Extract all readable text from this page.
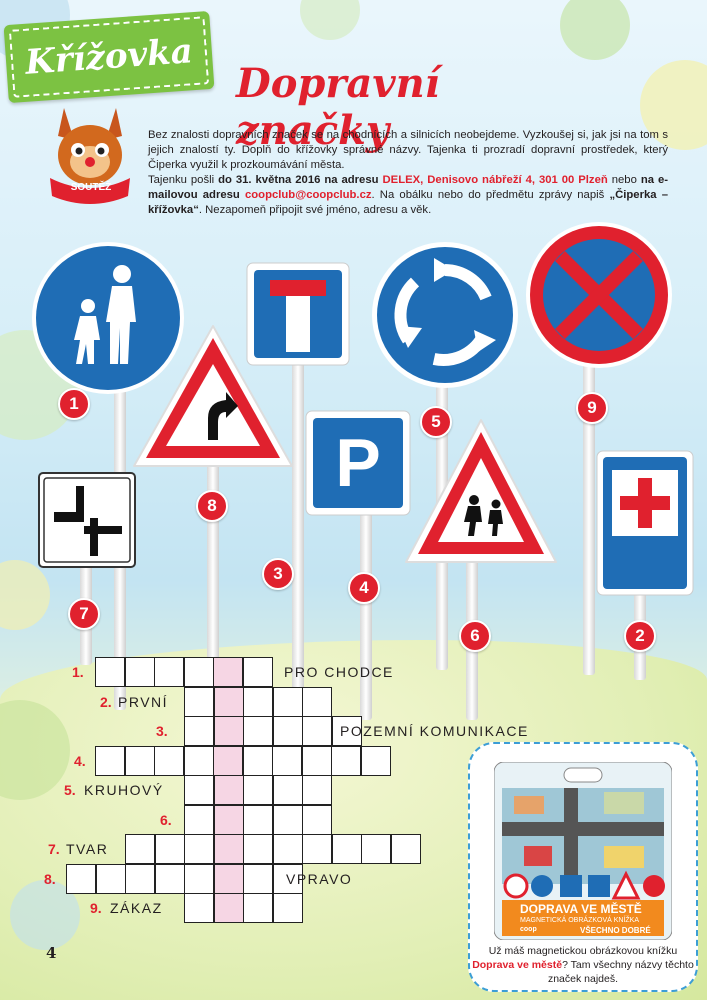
Křížovka
Dopravní značky
SOUTĚŽ
Bez znalosti dopravních značek se na chodnících a silnicích neobejdeme. Vyzkoušej si, jak jsi na tom s jejich znalostí ty. Doplň do křížovky správné názvy. Tajenka ti prozradí dopravní prostředek, který Čiperka využil k prozkoumávání města.
Tajenku pošli do 31. května 2016 na adresu DELEX, Denisovo nábřeží 4, 301 00 Plzeň nebo na e-mailovou adresu coopclub@coopclub.cz. Na obálku nebo do předmětu zprávy napiš „Čiperka – křížovka“. Nezapomeň připojit své jméno, adresu a věk.
1
5
9
8
P
6	2
7
3
4
1.	PRO CHODCE
2. PRVNÍ
3.	POZEMNÍ KOMUNIKACE
4.
5. KRUHOVÝ
6.
7. TVAR
8.	VPRAVO
9. ZÁKAZ
4
DOPRAVA VE MĚSTĚ
MAGNETICKÁ OBRÁZKOVÁ KNÍŽKA
coop	VŠECHNO DOBRÉ
Už máš magnetickou obrázkovou knížku Doprava ve městě? Tam všechny názvy těchto značek najdeš.
